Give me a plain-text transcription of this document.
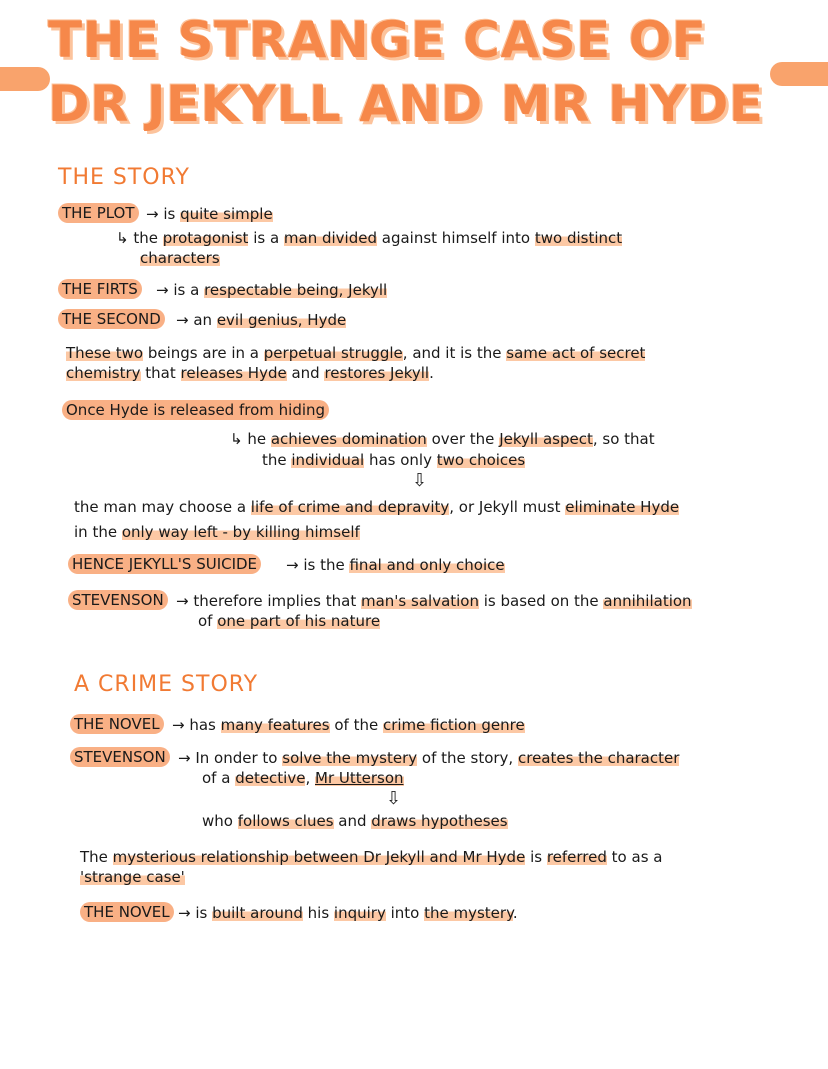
THE STRANGE CASE OF
DR JEKYLL AND MR HYDE
THE STORY
THE PLOT → is quite simple
↳ the protagonist is a man divided against himself into two distinct
characters
THE FIRTS → is a respectable being, Jekyll
THE SECOND → an evil genius, Hyde
These two beings are in a perpetual struggle, and it is the same act of secret
chemistry that releases Hyde and restores Jekyll.
Once Hyde is released from hiding
↳ he achieves domination over the Jekyll aspect, so that
the individual has only two choices
⇩
the man may choose a life of crime and depravity, or Jekyll must eliminate Hyde
in the only way left - by killing himself
HENCE JEKYLL'S SUICIDE → is the final and only choice
STEVENSON → therefore implies that man's salvation is based on the annihilation
of one part of his nature
A CRIME STORY
THE NOVEL → has many features of the crime fiction genre
STEVENSON → In onder to solve the mystery of the story, creates the character
of a detective, Mr Utterson
⇩
who follows clues and draws hypotheses
The mysterious relationship between Dr Jekyll and Mr Hyde is referred to as a
'strange case'
THE NOVEL → is built around his inquiry into the mystery.
